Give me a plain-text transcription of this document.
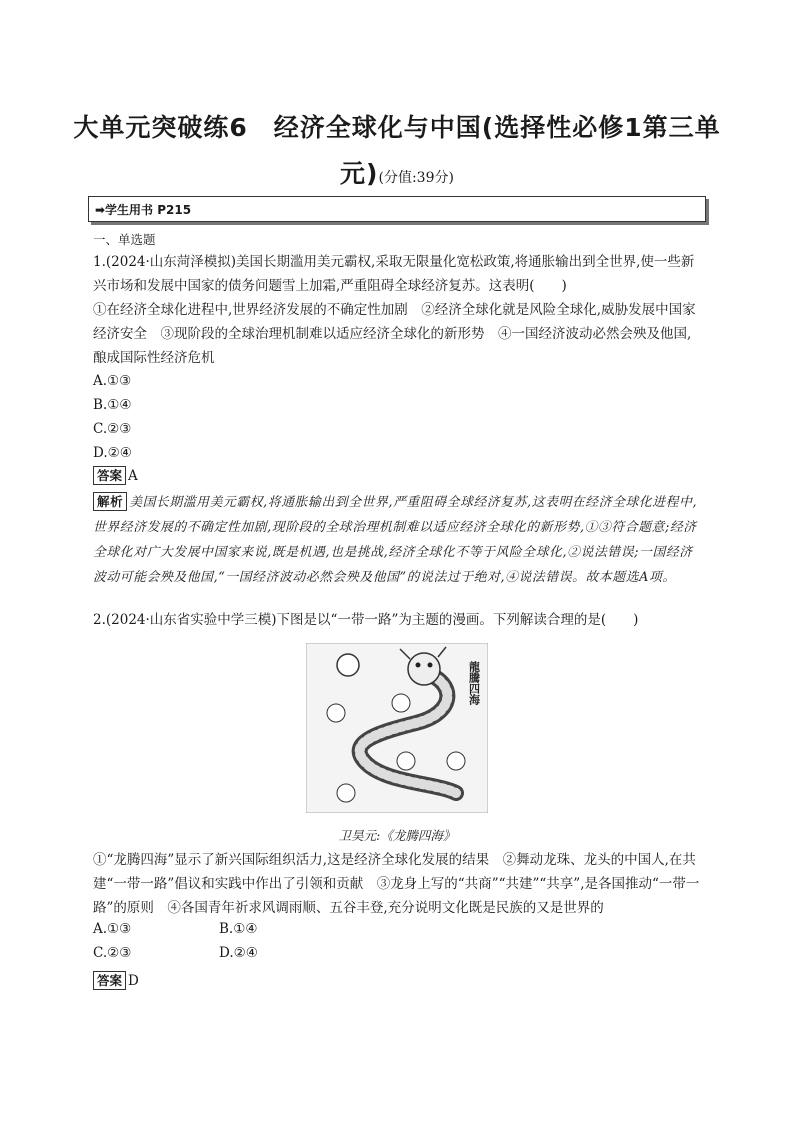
大单元突破练6　经济全球化与中国(选择性必修1第三单
元)(分值:39分)
➡学生用书 P215
一、单选题
1.(2024·山东菏泽模拟)美国长期滥用美元霸权,采取无限量化宽松政策,将通胀输出到全世界,使一些新兴市场和发展中国家的债务问题雪上加霜,严重阻碍全球经济复苏。这表明(　　)
①在经济全球化进程中,世界经济发展的不确定性加剧　②经济全球化就是风险全球化,威胁发展中国家经济安全　③现阶段的全球治理机制难以适应经济全球化的新形势　④一国经济波动必然会殃及他国,酿成国际性经济危机
A.①③
B.①④
C.②③
D.②④
答案 A
解析 美国长期滥用美元霸权,将通胀输出到全世界,严重阻碍全球经济复苏,这表明在经济全球化进程中,世界经济发展的不确定性加剧,现阶段的全球治理机制难以适应经济全球化的新形势,①③符合题意;经济全球化对广大发展中国家来说,既是机遇,也是挑战,经济全球化不等于风险全球化,②说法错误;一国经济波动可能会殃及他国,“一国经济波动必然会殃及他国”的说法过于绝对,④说法错误。故本题选A项。
2.(2024·山东省实验中学三模)下图是以“一带一路”为主题的漫画。下列解读合理的是(　　)
龍騰四海
卫昊元:《龙腾四海》
①“龙腾四海”显示了新兴国际组织活力,这是经济全球化发展的结果　②舞动龙珠、龙头的中国人,在共建“一带一路”倡议和实践中作出了引领和贡献　③龙身上写的“共商”“共建”“共享”,是各国推动“一带一路”的原则　④各国青年祈求风调雨顺、五谷丰登,充分说明文化既是民族的又是世界的
A.①③	B.①④
C.②③	D.②④
答案 D
